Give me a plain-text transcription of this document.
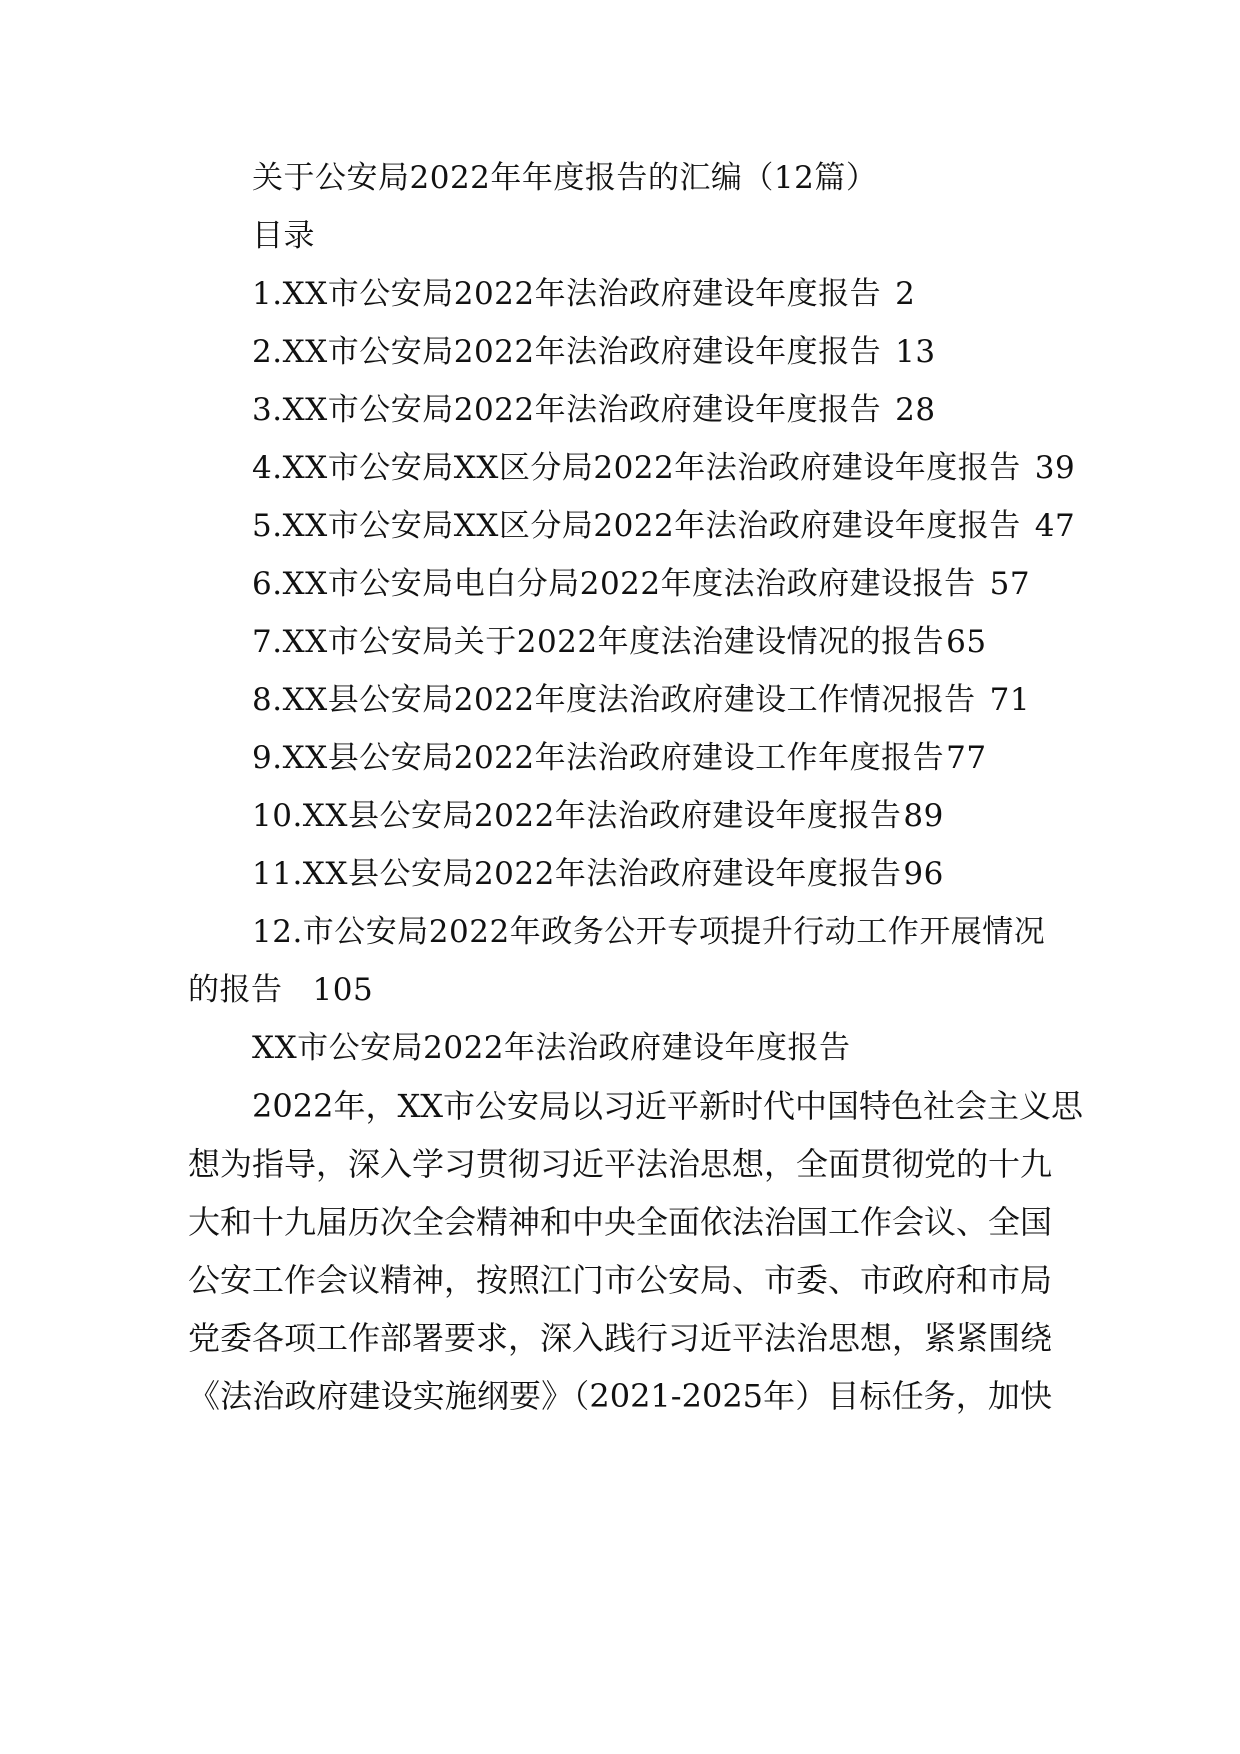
关于公安局2022年年度报告的汇编（12篇）
目录
1.XX市公安局2022年法治政府建设年度报告 2
2.XX市公安局2022年法治政府建设年度报告 13
3.XX市公安局2022年法治政府建设年度报告 28
4.XX市公安局XX区分局2022年法治政府建设年度报告 39
5.XX市公安局XX区分局2022年法治政府建设年度报告 47
6.XX市公安局电白分局2022年度法治政府建设报告 57
7.XX市公安局关于2022年度法治建设情况的报告65
8.XX县公安局2022年度法治政府建设工作情况报告 71
9.XX县公安局2022年法治政府建设工作年度报告77
10.XX县公安局2022年法治政府建设年度报告89
11.XX县公安局2022年法治政府建设年度报告96
12.市公安局2022年政务公开专项提升行动工作开展情况
的报告 105
XX市公安局2022年法治政府建设年度报告
2022年，XX市公安局以习近平新时代中国特色社会主义思
想为指导，深入学习贯彻习近平法治思想，全面贯彻党的十九
大和十九届历次全会精神和中央全面依法治国工作会议、全国
公安工作会议精神，按照江门市公安局、市委、市政府和市局
党委各项工作部署要求，深入践行习近平法治思想，紧紧围绕
《法治政府建设实施纲要》（2021-2025年）目标任务，加快
